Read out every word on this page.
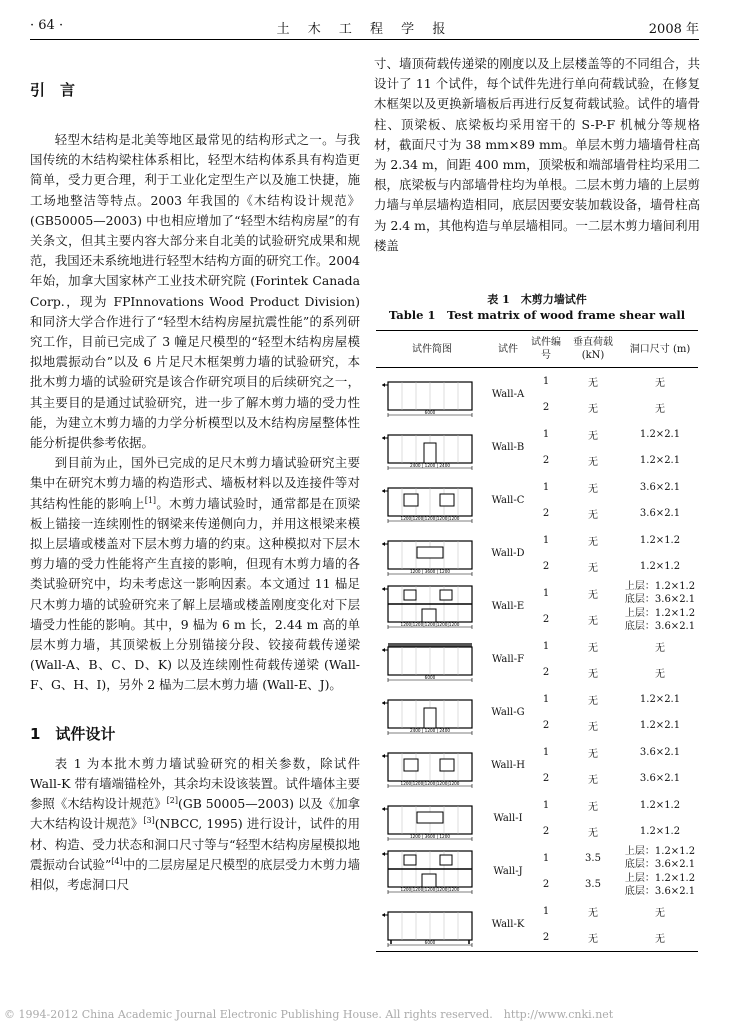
· 64 ·	土 木 工 程 学 报	2008 年
引　言

轻型木结构是北美等地区最常见的结构形式之一。与我国传统的木结构梁柱体系相比，轻型木结构体系具有构造更简单，受力更合理，利于工业化定型生产以及施工快捷，施工场地整洁等特点。2003 年我国的《木结构设计规范》(GB50005—2003) 中也相应增加了“轻型木结构房屋”的有关条文，但其主要内容大部分来自北美的试验研究成果和规范，我国还未系统地进行轻型木结构方面的研究工作。2004 年始，加拿大国家林产工业技术研究院 (Forintek Canada Corp.，现为 FPInnovations Wood Product Division) 和同济大学合作进行了“轻型木结构房屋抗震性能”的系列研究工作，目前已完成了 3 幢足尺模型的“轻型木结构房屋模拟地震振动台”以及 6 片足尺木框架剪力墙的试验研究，本批木剪力墙的试验研究是该合作研究项目的后续研究之一，其主要目的是通过试验研究，进一步了解木剪力墙的受力性能，为建立木剪力墙的力学分析模型以及木结构房屋整体性能分析提供参考依据。

到目前为止，国外已完成的足尺木剪力墙试验研究主要集中在研究木剪力墙的构造形式、墙板材料以及连接件等对其结构性能的影响上[1]。木剪力墙试验时，通常都是在顶梁板上锚接一连续刚性的钢梁来传递侧向力，并用这根梁来模拟上层墙或楼盖对下层木剪力墙的约束。这种模拟对下层木剪力墙的受力性能将产生直接的影响，但现有木剪力墙的各类试验研究中，均未考虑这一影响因素。本文通过 11 榀足尺木剪力墙的试验研究来了解上层墙或楼盖刚度变化对下层墙受力性能的影响。其中，9 榀为 6 m 长，2.44 m 高的单层木剪力墙，其顶梁板上分别锚接分段、铰接荷载传递梁 (Wall-A、B、C、D、K) 以及连续刚性荷载传递梁 (Wall-F、G、H、I)，另外 2 榀为二层木剪力墙 (Wall-E、J)。

1　试件设计

表 1 为本批木剪力墙试验研究的相关参数，除试件 Wall-K 带有墙端锚栓外，其余均未设该装置。试件墙体主要参照《木结构设计规范》[2](GB 50005—2003) 以及《加拿大木结构设计规范》[3](NBCC, 1995) 进行设计，试件的用材、构造、受力状态和洞口尺寸等与“轻型木结构房屋模拟地震振动台试验”[4]中的二层房屋足尺模型的底层受力木剪力墙相似，考虑洞口尺

寸、墙顶荷载传递梁的刚度以及上层楼盖等的不同组合，共设计了 11 个试件，每个试件先进行单向荷载试验，在修复木框架以及更换新墙板后再进行反复荷载试验。试件的墙骨柱、顶梁板、底梁板均采用窑干的 S-P-F 机械分等规格材，截面尺寸为 38 mm×89 mm。单层木剪力墙墙骨柱高为 2.34 m，间距 400 mm，顶梁板和端部墙骨柱均采用二根，底梁板与内部墙骨柱均为单根。二层木剪力墙的上层剪力墙与单层墙构造相同，底层因要安装加载设备，墙骨柱高为 2.4 m，其他构造与单层墙相同。一二层木剪力墙间利用楼盖

表 1　木剪力墙试件
Table 1　Test matrix of wood frame shear wall
试件简图	试件	试件编号	垂直荷载 (kN)	洞口尺寸 (m)

6000	Wall-A	1	无	无
		2	无	无

2400 | 1200 | 2400	Wall-B	1	无	1.2×2.1
		2	无	1.2×2.1

1200|1200|1200|1200|1200	Wall-C	1	无	3.6×2.1
		2	无	3.6×2.1

1200 | 3600 | 1200	Wall-D	1	无	1.2×1.2
		2	无	1.2×1.2

1200|1200|1200|1200|1200	Wall-E	1	无	上层：1.2×1.2
底层：3.6×2.1

		2	无	上层：1.2×1.2
底层：3.6×2.1

6000	Wall-F	1	无	无
		2	无	无

2400 | 1200 | 2400	Wall-G	1	无	1.2×2.1
		2	无	1.2×2.1

1200|1200|1200|1200|1200	Wall-H	1	无	3.6×2.1
		2	无	3.6×2.1

1200 | 3600 | 1200	Wall-I	1	无	1.2×1.2
		2	无	1.2×1.2

1200|1200|1200|1200|1200	Wall-J	1	3.5	上层：1.2×1.2
底层：3.6×2.1

		2	3.5	上层：1.2×1.2
底层：3.6×2.1

6000	Wall-K	1	无	无
		2	无	无
© 1994-2012 China Academic Journal Electronic Publishing House. All rights reserved.　http://www.cnki.net
